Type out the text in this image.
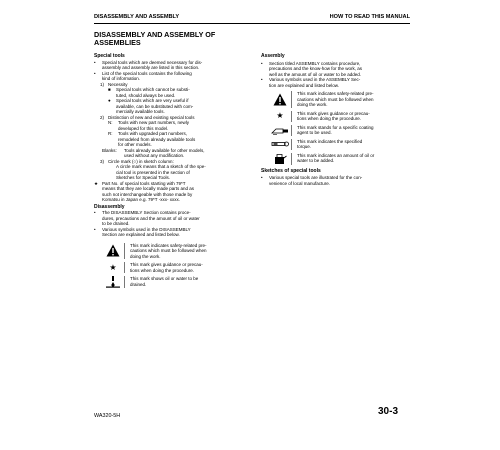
DISASSEMBLY AND ASSEMBLY	HOW TO READ THIS MANUAL
DISASSEMBLY AND ASSEMBLY OF
ASSEMBLIES

Special tools

• Special tools which are deemed necessary for dis-
assembly and assembly are listed in this section.
• List of the special tools contains the following
kind of information.
1) Necessity
■ Special tools which cannot be substi-
tuted, should always be used.
● Special tools which are very useful if
available, can be substituted with com-
mercially available tools.
2) Distinction of new and existing special tools
N: Tools with new part numbers, newly
developed for this model.
R: Tools with upgraded part numbers,
remodeled from already available tools
for other models.
Blanks: Tools already available for other models,
used without any modification.
3) Circle mark (○) in sketch column:
A circle mark means that a sketch of the spe-
cial tool is presented in the section of
Sketches for Special Tools.
★ Part No. of special tools starting with 79*T
means that they are locally made parts and as
such not interchangeable with those made by
Komatsu in Japan e.g. 79*T -xxx- xxxx.

Disassembly

• The DISASSEMBLY Section contains proce-
dures, precautions and the amount of oil or water
to be drained.
• Various symbols used in the DISASSEMBLY
Section are explained and listed below.
This mark indicates safety-related pre-
cautions which must be followed when
doing the work.
★	This mark gives guidance or precau-
tions when doing the procedure.
This mark shows oil or water to be
drained.

Assembly

• Section titled ASSEMBLY contains procedure,
precautions and the know-how for the work, as
well as the amount of oil or water to be added.
• Various symbols used in the ASSEMBLY Sec-
tion are explained and listed below.
This mark indicates safety-related pre-
cautions which must be followed when
doing the work.
★	This mark gives guidance or precau-
tions when doing the procedure.
This mark stands for a specific coating
agent to be used.
This mark indicates the specified
torque.
This mark indicates an amount of oil or
water to be added.

Sketches of special tools

• Various special tools are illustrated for the con-
venience of local manufacture.
WA320-5H	30-3
